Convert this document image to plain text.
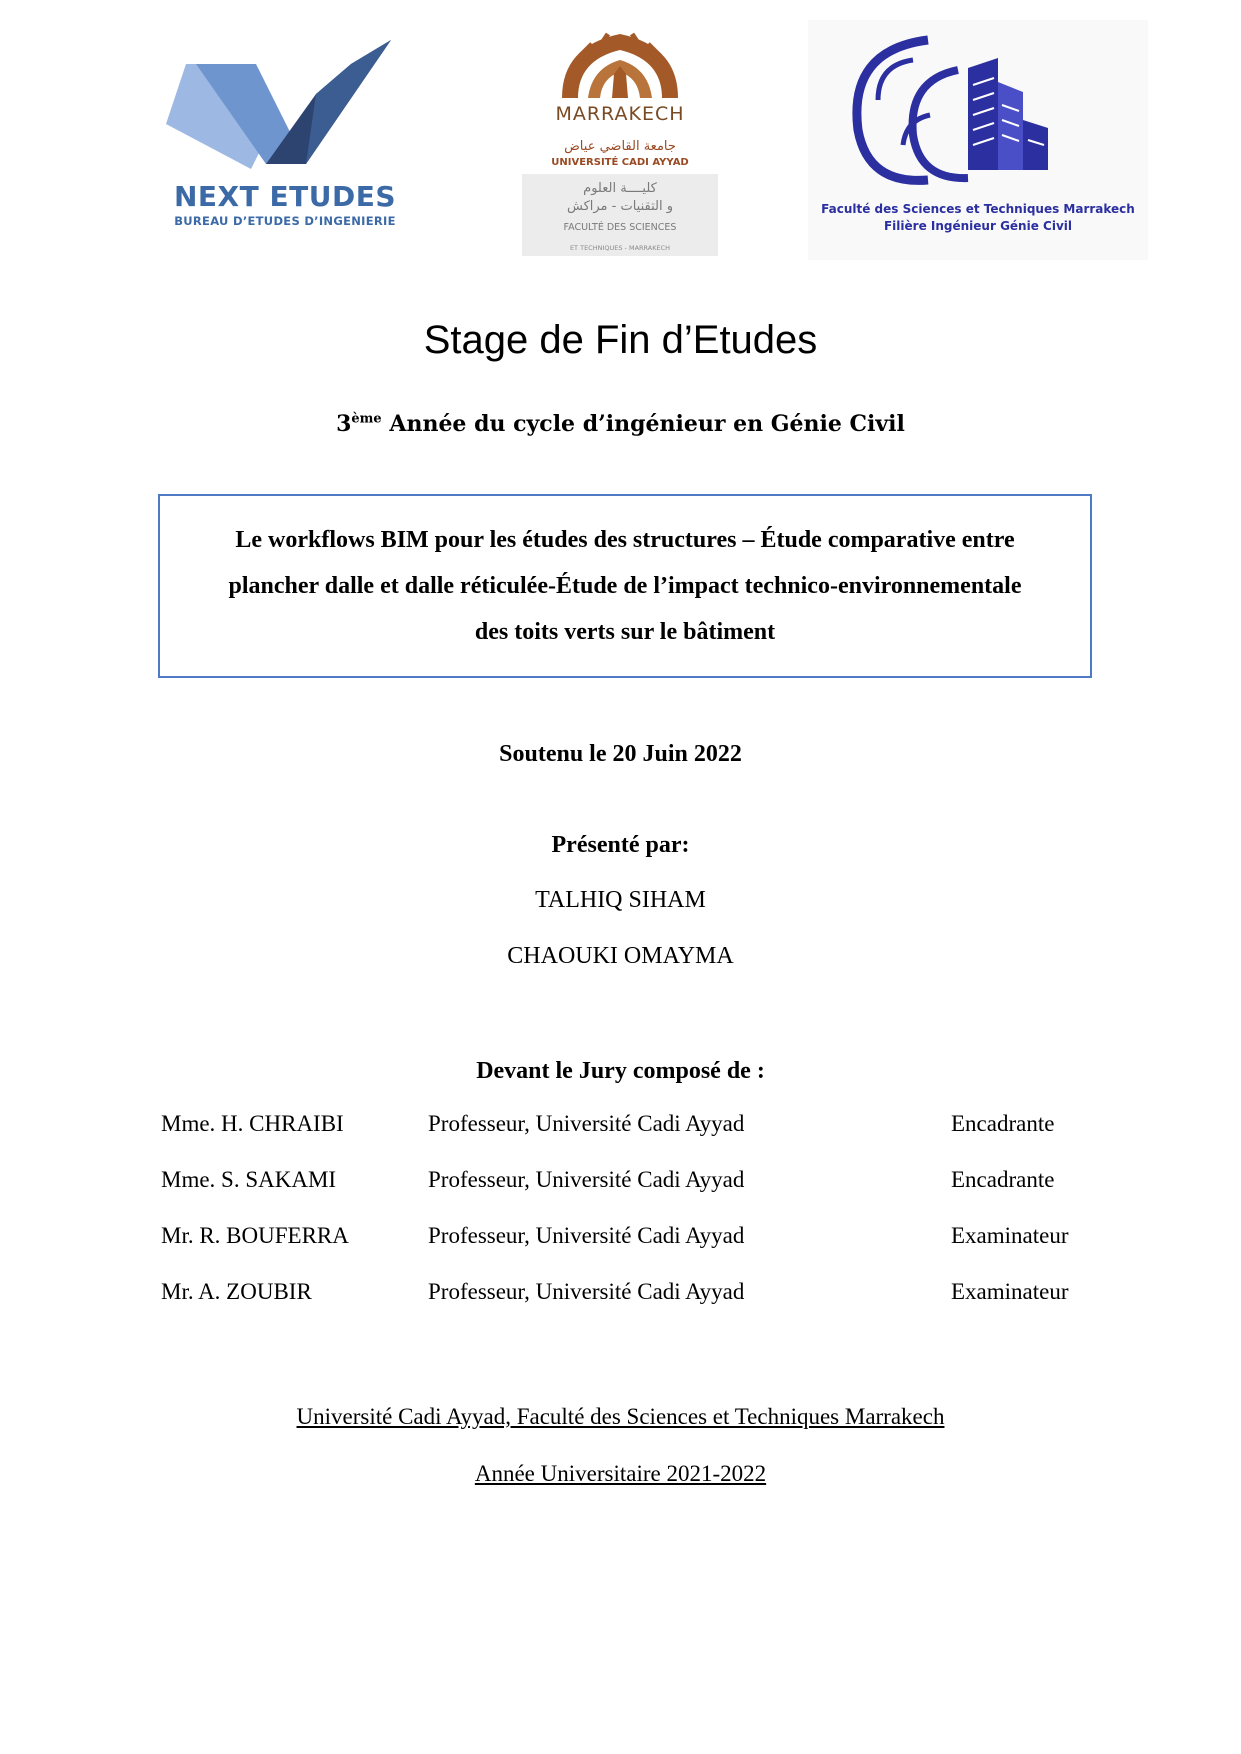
NEXT ETUDES
BUREAU D’ETUDES D’INGENIERIE
MARRAKECH
جامعة القاضي عياض
UNIVERSITÉ CADI AYYAD
كليــــة العلوم
و التقنيات - مراكش
FACULTÉ DES SCIENCES
ET TECHNIQUES - MARRAKECH
Faculté des Sciences et Techniques Marrakech
Filière Ingénieur Génie Civil
Stage de Fin d’Etudes
3ème Année du cycle d’ingénieur en Génie Civil
Le workflows BIM pour les études des structures – Étude comparative entre
plancher dalle et dalle réticulée-Étude de l’impact technico-environnementale
des toits verts sur le bâtiment
Soutenu le 20 Juin 2022
Présenté par:
TALHIQ SIHAM
CHAOUKI OMAYMA
Devant le Jury composé de :
Mme. H. CHRAIBI	Professeur, Université Cadi Ayyad	Encadrante
Mme. S. SAKAMI	Professeur, Université Cadi Ayyad	Encadrante
Mr. R. BOUFERRA	Professeur, Université Cadi Ayyad	Examinateur
Mr. A. ZOUBIR	Professeur, Université Cadi Ayyad	Examinateur
Université Cadi Ayyad, Faculté des Sciences et Techniques Marrakech
Année Universitaire 2021-2022
